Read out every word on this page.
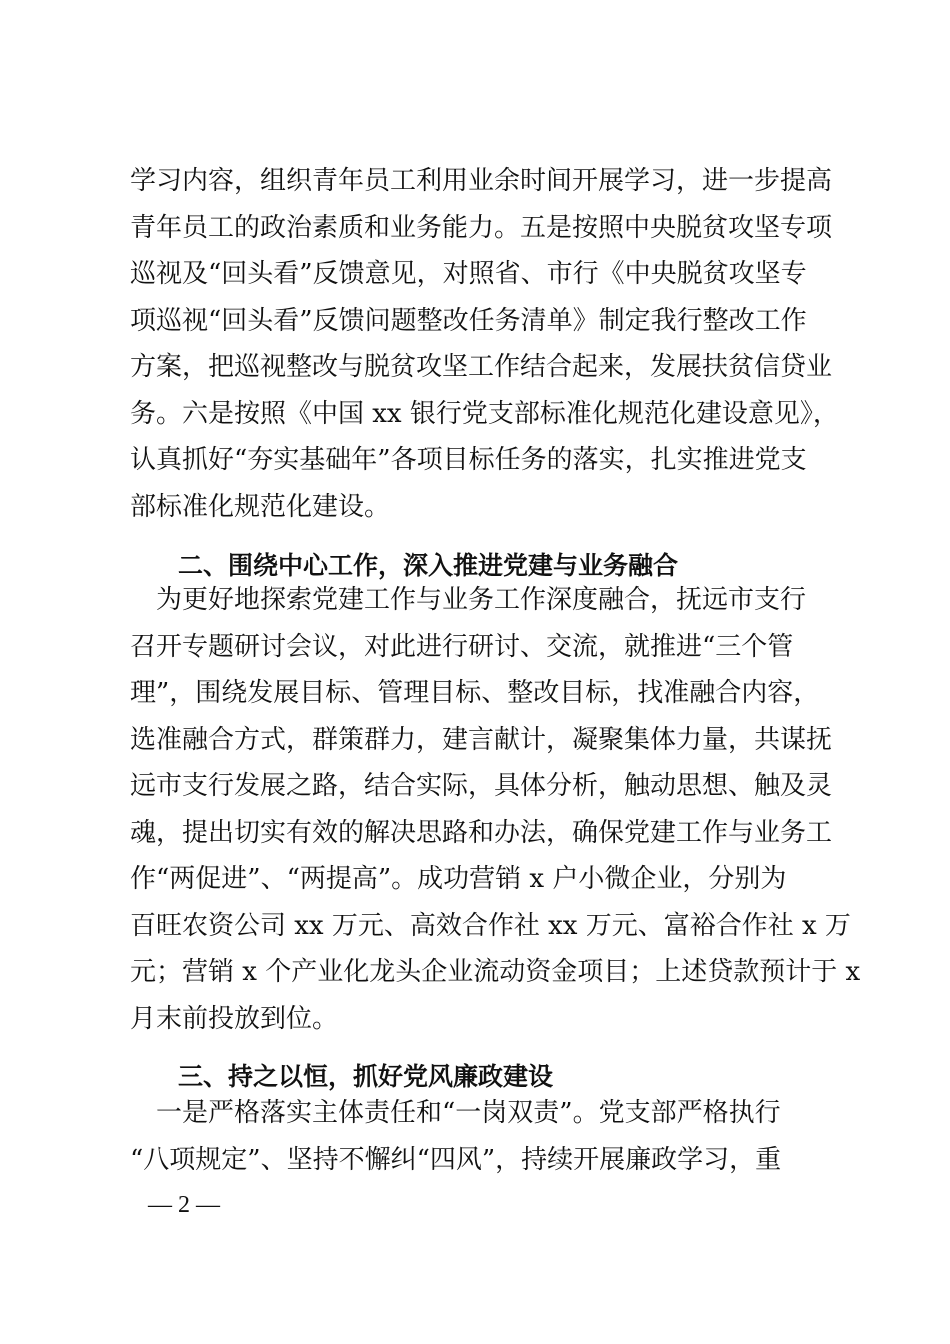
学习内容，组织青年员工利用业余时间开展学习，进一步提高
青年员工的政治素质和业务能力。五是按照中央脱贫攻坚专项
巡视及“回头看”反馈意见，对照省、市行《中央脱贫攻坚专
项巡视“回头看”反馈问题整改任务清单》制定我行整改工作
方案，把巡视整改与脱贫攻坚工作结合起来，发展扶贫信贷业
务。六是按照《中国 xx 银行党支部标准化规范化建设意见》，
认真抓好“夯实基础年”各项目标任务的落实，扎实推进党支
部标准化规范化建设。
二、围绕中心工作，深入推进党建与业务融合
　为更好地探索党建工作与业务工作深度融合，抚远市支行
召开专题研讨会议，对此进行研讨、交流，就推进“三个管
理”，围绕发展目标、管理目标、整改目标，找准融合内容，
选准融合方式，群策群力，建言献计，凝聚集体力量，共谋抚
远市支行发展之路，结合实际，具体分析，触动思想、触及灵
魂，提出切实有效的解决思路和办法，确保党建工作与业务工
作“两促进”、“两提高”。成功营销 x 户小微企业，分别为
百旺农资公司 xx 万元、高效合作社 xx 万元、富裕合作社 x 万
元；营销 x 个产业化龙头企业流动资金项目；上述贷款预计于 x
月末前投放到位。
三、持之以恒，抓好党风廉政建设
　一是严格落实主体责任和“一岗双责”。党支部严格执行
“八项规定”、坚持不懈纠“四风”，持续开展廉政学习，重
— 2 —
